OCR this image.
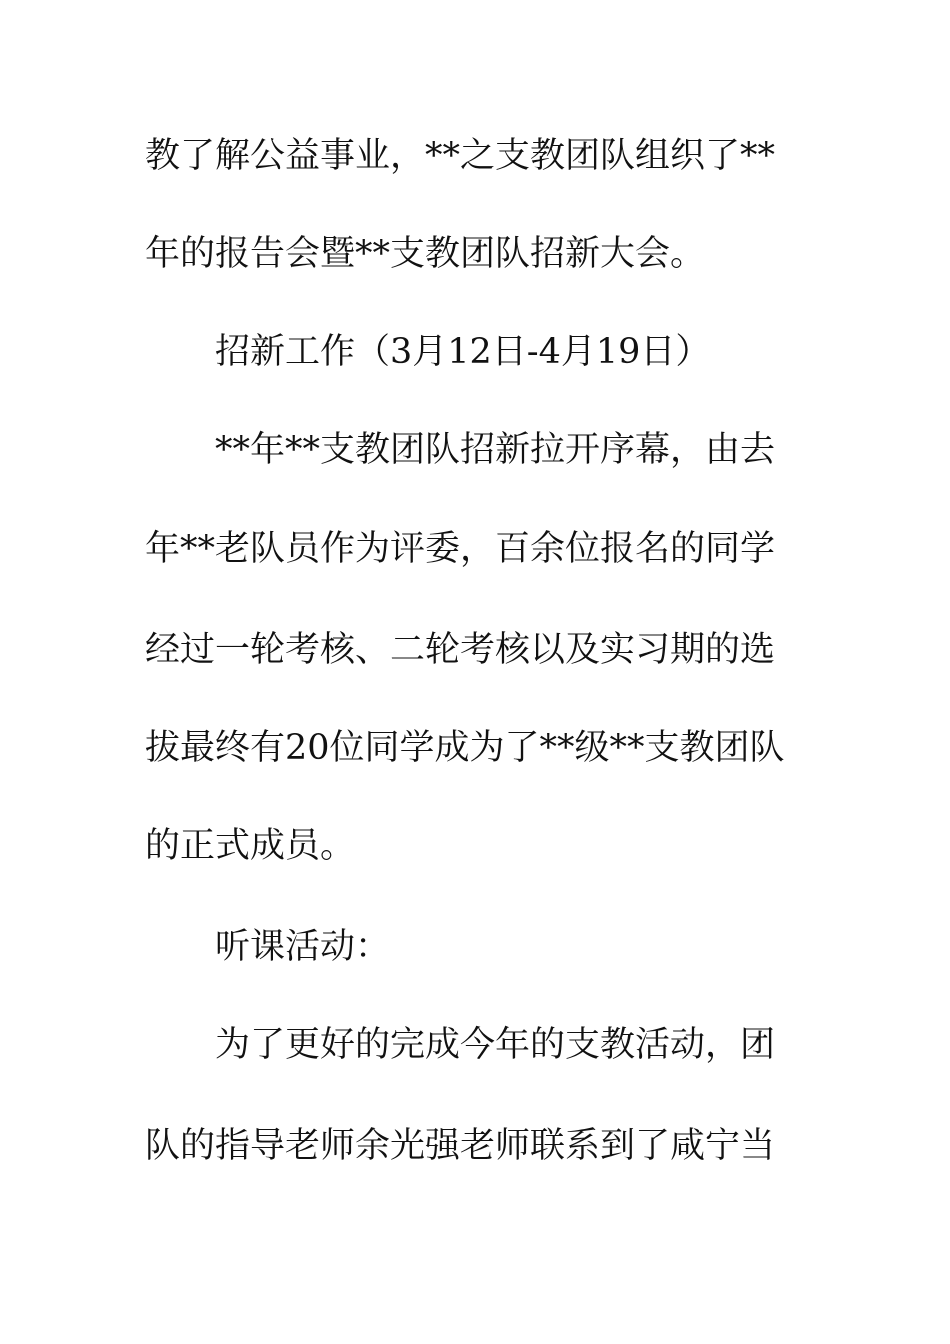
教了解公益事业，**之支教团队组织了**
年的报告会暨**支教团队招新大会。
招新工作（3月12日-4月19日）
**年**支教团队招新拉开序幕，由去
年**老队员作为评委，百余位报名的同学
经过一轮考核、二轮考核以及实习期的选
拔最终有20位同学成为了**级**支教团队
的正式成员。
听课活动：
为了更好的完成今年的支教活动，团
队的指导老师余光强老师联系到了咸宁当
